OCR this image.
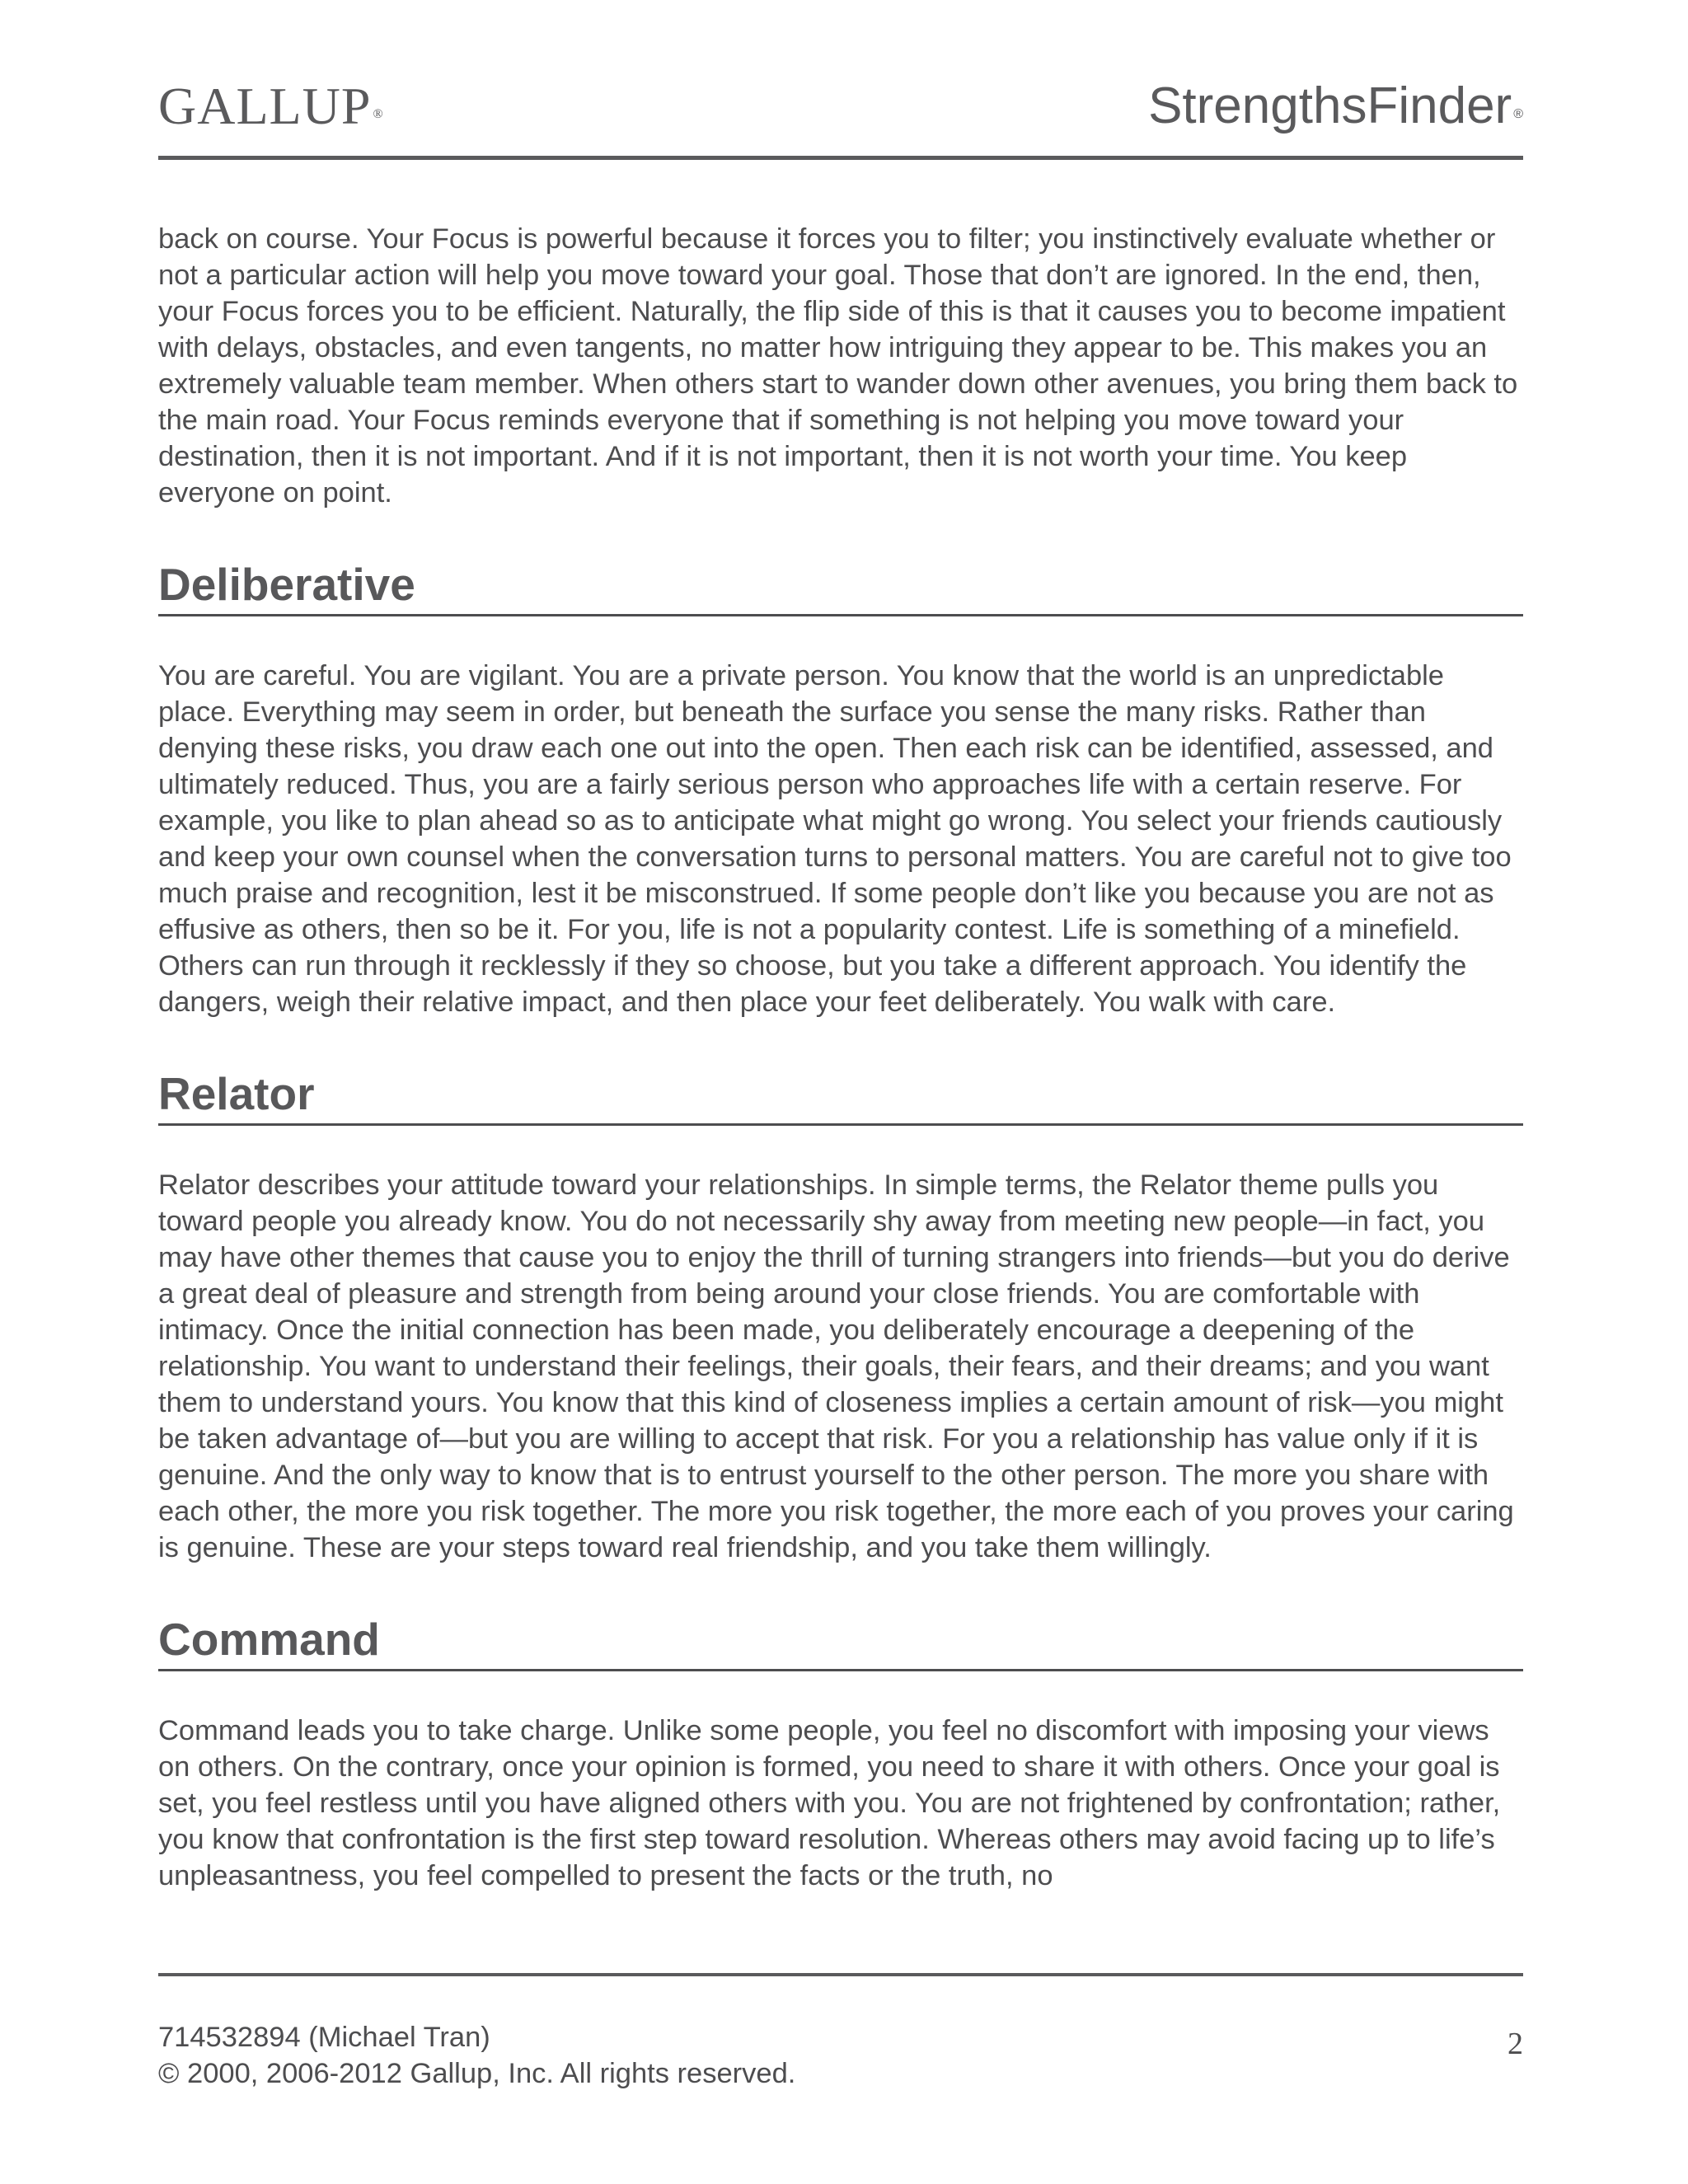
GALLUP ®	StrengthsFinder ®

back on course. Your Focus is powerful because it forces you to filter; you instinctively evaluate whether or not a particular action will help you move toward your goal. Those that don’t are ignored. In the end, then, your Focus forces you to be efficient. Naturally, the flip side of this is that it causes you to become impatient with delays, obstacles, and even tangents, no matter how intriguing they appear to be. This makes you an extremely valuable team member. When others start to wander down other avenues, you bring them back to the main road. Your Focus reminds everyone that if something is not helping you move toward your destination, then it is not important. And if it is not important, then it is not worth your time. You keep everyone on point.

Deliberative

You are careful. You are vigilant. You are a private person. You know that the world is an unpredictable place. Everything may seem in order, but beneath the surface you sense the many risks. Rather than denying these risks, you draw each one out into the open. Then each risk can be identified, assessed, and ultimately reduced. Thus, you are a fairly serious person who approaches life with a certain reserve. For example, you like to plan ahead so as to anticipate what might go wrong. You select your friends cautiously and keep your own counsel when the conversation turns to personal matters. You are careful not to give too much praise and recognition, lest it be misconstrued. If some people don’t like you because you are not as effusive as others, then so be it. For you, life is not a popularity contest. Life is something of a minefield. Others can run through it recklessly if they so choose, but you take a different approach. You identify the dangers, weigh their relative impact, and then place your feet deliberately. You walk with care.

Relator

Relator describes your attitude toward your relationships. In simple terms, the Relator theme pulls you toward people you already know. You do not necessarily shy away from meeting new people—in fact, you may have other themes that cause you to enjoy the thrill of turning strangers into friends—but you do derive a great deal of pleasure and strength from being around your close friends. You are comfortable with intimacy. Once the initial connection has been made, you deliberately encourage a deepening of the relationship. You want to understand their feelings, their goals, their fears, and their dreams; and you want them to understand yours. You know that this kind of closeness implies a certain amount of risk—you might be taken advantage of—but you are willing to accept that risk. For you a relationship has value only if it is genuine. And the only way to know that is to entrust yourself to the other person. The more you share with each other, the more you risk together. The more you risk together, the more each of you proves your caring is genuine. These are your steps toward real friendship, and you take them willingly.

Command

Command leads you to take charge. Unlike some people, you feel no discomfort with imposing your views on others. On the contrary, once your opinion is formed, you need to share it with others. Once your goal is set, you feel restless until you have aligned others with you. You are not frightened by confrontation; rather, you know that confrontation is the first step toward resolution. Whereas others may avoid facing up to life’s unpleasantness, you feel compelled to present the facts or the truth, no

714532894 (Michael Tran)
© 2000, 2006-2012 Gallup, Inc. All rights reserved.
2
